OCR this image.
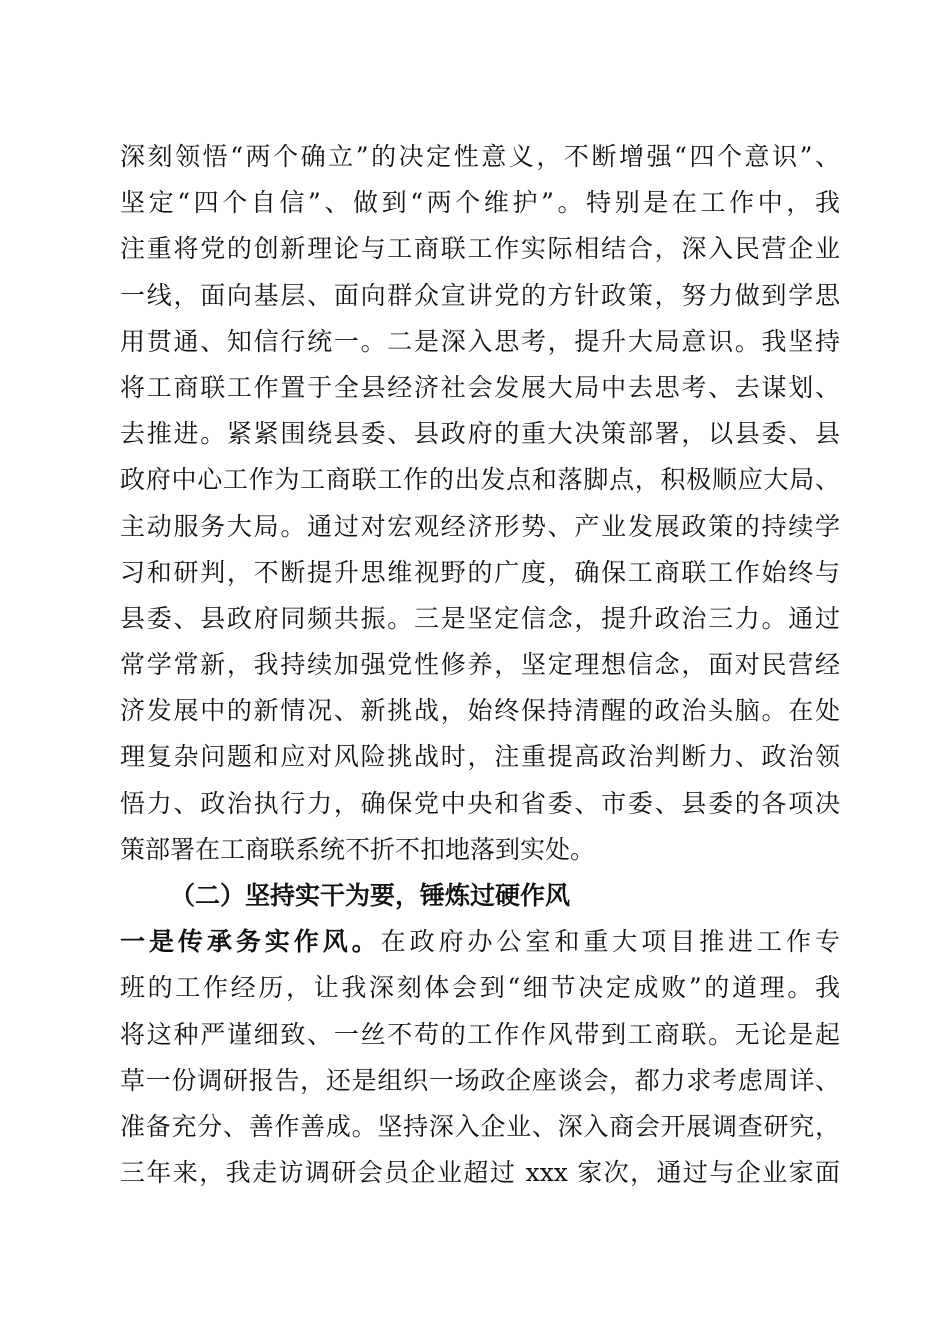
深刻领悟“两个确立”的决定性意义，不断增强“四个意识”、
坚定“四个自信”、做到“两个维护”。特别是在工作中，我
注重将党的创新理论与工商联工作实际相结合，深入民营企业
一线，面向基层、面向群众宣讲党的方针政策，努力做到学思
用贯通、知信行统一。二是深入思考，提升大局意识。我坚持
将工商联工作置于全县经济社会发展大局中去思考、去谋划、
去推进。紧紧围绕县委、县政府的重大决策部署，以县委、县
政府中心工作为工商联工作的出发点和落脚点，积极顺应大局、
主动服务大局。通过对宏观经济形势、产业发展政策的持续学
习和研判，不断提升思维视野的广度，确保工商联工作始终与
县委、县政府同频共振。三是坚定信念，提升政治三力。通过
常学常新，我持续加强党性修养，坚定理想信念，面对民营经
济发展中的新情况、新挑战，始终保持清醒的政治头脑。在处
理复杂问题和应对风险挑战时，注重提高政治判断力、政治领
悟力、政治执行力，确保党中央和省委、市委、县委的各项决
策部署在工商联系统不折不扣地落到实处。
（二）坚持实干为要，锤炼过硬作风
一是传承务实作风。在政府办公室和重大项目推进工作专
班的工作经历，让我深刻体会到“细节决定成败”的道理。我
将这种严谨细致、一丝不苟的工作作风带到工商联。无论是起
草一份调研报告，还是组织一场政企座谈会，都力求考虑周详、
准备充分、善作善成。坚持深入企业、深入商会开展调查研究，
三年来，我走访调研会员企业超过 xxx 家次，通过与企业家面
